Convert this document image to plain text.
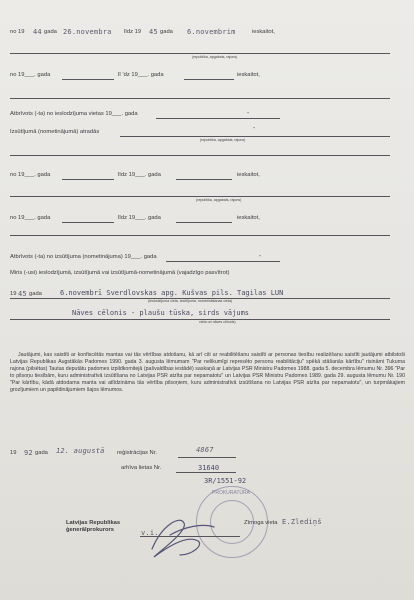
no 19 44 gada 26.novembra līdz 19 45 gada 6.novembrim	ieskaitot,
(republika, apgabals, rajons)
no 19___. gada	lī 'dz 19___. gada	ieskaitot,
Atbrīvots (-ta) no ieslodzījuma vietas 19___. gada	-
Izsūtījumā (nometinājumā) atradās	-
(republika, apgabals, rajons)
no 19___. gada	līdz 19___. gada	ieskaitot,
(republika, apgabals, rajons)
no 19___. gada	līdz 19___. gada	ieskaitot,
Atbrīvots (-ta) no izsūtījuma (nometinājuma) 19___. gada	-
Miris (-usi) ieslodzījumā, izsūtījumā vai izsūtījumā-nometinājumā (vajadzīgo pasvītrot)
19 45 gada	6.novembrī Sverdlovskas apg. Kušvas pils. Tagilas LUN
(ieslodzījuma vieta, izsūtījuma, nometināšanas vieta)
Nāves cēlonis - plaušu tūska, sirds vājums
vieta un nāves cēlonis)
Jautājumi, kas saistīti ar konfiscētās mantas vai tās vērtības atdošanu, kā arī citi ar reabilitēšanu saistīti ar personas tiesību realizēšanu saistīti jautājumi atbilstoši Latvijas Republikas Augstākās Padomes 1990. gada 3. augusta lēmumam "Par nelikumīgi represēto personu reabilitāciju" spēkā stāšanās kārtību" risināmi Tukuma rajona (pilsētas) Tautas deputātu padomes izpildkomitejā (pašvaldības iestādē) saskaņā ar Latvijas PSR Ministru Padomes 1988. gada 5. decembra lēmumu Nr. 396 "Par to pilsoņu tiesībām, kuru administratīvā izsūtīšana no Latvijas PSR atzīta par nepamatotu" un Latvijas PSR Ministru Padomes 1989. gada 29. augusta lēmumu Nr. 190 "Par kārtību, kādā atdodama manta vai atlīdzināma tās vērtība pilsoņiem, kuru administratīvā izsūtīšana no Latvijas PSR atzīta par nepamatotu", un turpmākajiem grozījumiem un papildinājumiem šajos lēmumos.
19 92 gada 12. augustā reģistrācijas Nr.	4867
arhīva lietas Nr.	31640
3R/1551-92
PROKURATŪRA
Latvijas Republikas
ģenerālprokurors	v.i.
Zīmoga vieta E.Zlediņš
